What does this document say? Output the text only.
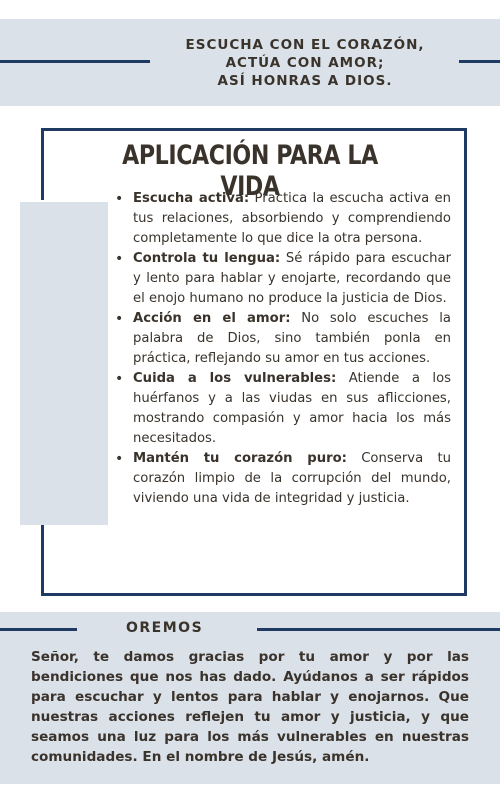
ESCUCHA CON EL CORAZÓN,
ACTÚA CON AMOR;
ASÍ HONRAS A DIOS.
APLICACIÓN PARA LA VIDA
• Escucha activa: Practica la escucha activa en tus relaciones, absorbiendo y comprendiendo completamente lo que dice la otra persona.
• Controla tu lengua: Sé rápido para escuchar y lento para hablar y enojarte, recordando que el enojo humano no produce la justicia de Dios.
• Acción en el amor: No solo escuches la palabra de Dios, sino también ponla en práctica, reflejando su amor en tus acciones.
• Cuida a los vulnerables: Atiende a los huérfanos y a las viudas en sus aflicciones, mostrando compasión y amor hacia los más necesitados.
• Mantén tu corazón puro: Conserva tu corazón limpio de la corrupción del mundo, viviendo una vida de integridad y justicia.
OREMOS
Señor, te damos gracias por tu amor y por las bendiciones que nos has dado. Ayúdanos a ser rápidos para escuchar y lentos para hablar y enojarnos. Que nuestras acciones reflejen tu amor y justicia, y que seamos una luz para los más vulnerables en nuestras comunidades. En el nombre de Jesús, amén.
